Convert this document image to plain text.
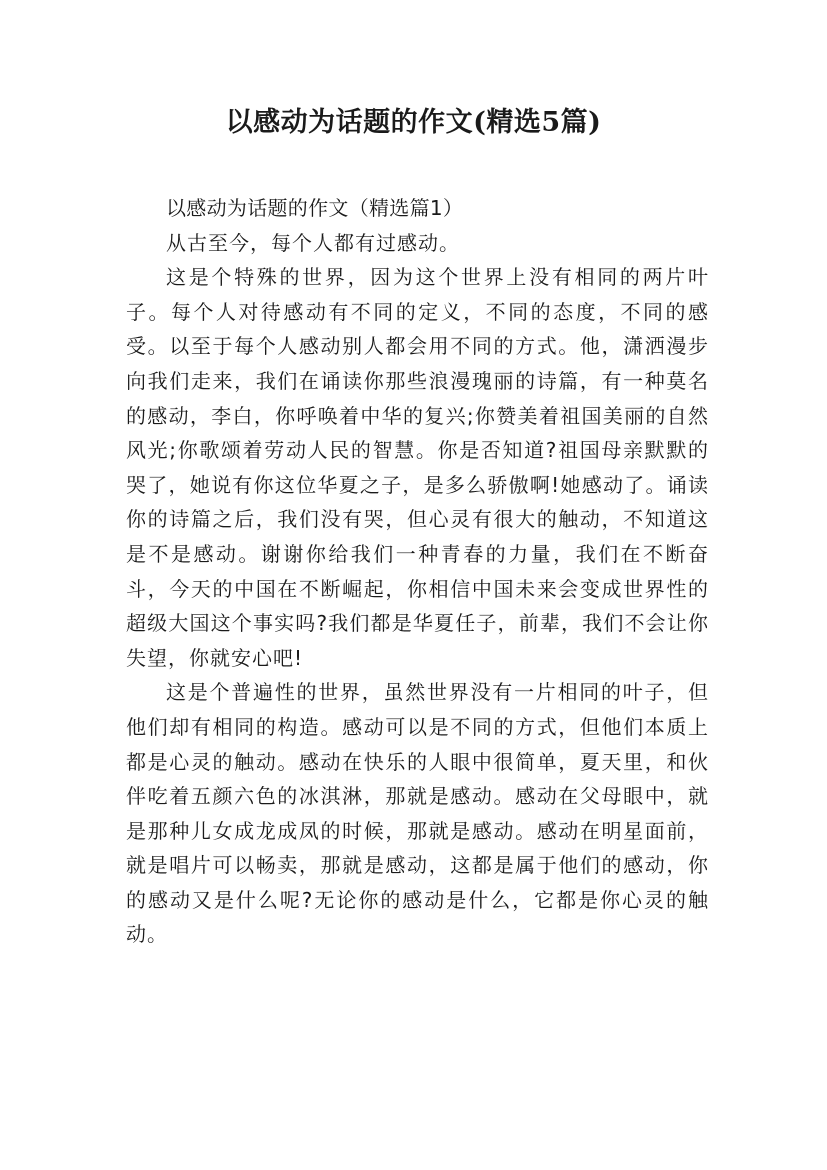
以感动为话题的作文(精选5篇)

以感动为话题的作文（精选篇1）

从古至今，每个人都有过感动。

这是个特殊的世界，因为这个世界上没有相同的两片叶子。每个人对待感动有不同的定义，不同的态度，不同的感受。以至于每个人感动别人都会用不同的方式。他，潇洒漫步向我们走来，我们在诵读你那些浪漫瑰丽的诗篇，有一种莫名的感动，李白，你呼唤着中华的复兴;你赞美着祖国美丽的自然风光;你歌颂着劳动人民的智慧。你是否知道?祖国母亲默默的哭了，她说有你这位华夏之子，是多么骄傲啊!她感动了。诵读你的诗篇之后，我们没有哭，但心灵有很大的触动，不知道这是不是感动。谢谢你给我们一种青春的力量，我们在不断奋斗，今天的中国在不断崛起，你相信中国未来会变成世界性的超级大国这个事实吗?我们都是华夏任子，前辈，我们不会让你失望，你就安心吧!

这是个普遍性的世界，虽然世界没有一片相同的叶子，但他们却有相同的构造。感动可以是不同的方式，但他们本质上都是心灵的触动。感动在快乐的人眼中很简单，夏天里，和伙伴吃着五颜六色的冰淇淋，那就是感动。感动在父母眼中，就是那种儿女成龙成凤的时候，那就是感动。感动在明星面前，就是唱片可以畅卖，那就是感动，这都是属于他们的感动，你的感动又是什么呢?无论你的感动是什么，它都是你心灵的触动。
